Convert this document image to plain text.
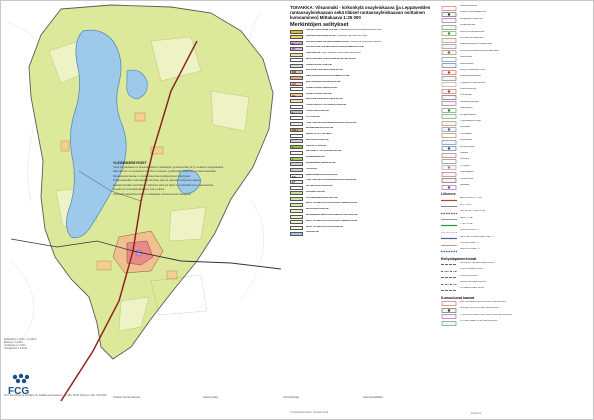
YLEISMÄÄRÄYKSET
Tämä osayleiskaava on oikeusvaikutteinen maankäyttö- ja rakennuslain 42 §:n mukainen osayleiskaava.
Rakentaminen on sijoitettava niin, että se sopeutuu ympäröivään maisemaan ja rakennuskantaan.
Rantarakentamisessa on noudatettava rakennusjärjestyksen määräyksiä.
Pohjavesialueilla ei saa harjoittaa toimintaa, joka voi vaarantaa pohjaveden laatua.
Muinaismuistolain rauhoittamien kohteiden tarkempi sijainti on selvitettävä ennen rakentamista.
Alueella on huomioitava liikenteen melu ja tärinä.
Vesihuollon järjestämisessä on noudatettava voimassa olevia määräyksiä.
Nähtävillä 1.1.2013 - 1.2.2013
Ehdotus 1.9.2013
Hyväksytty 1.1.2014
Voimaantulo 1.3.2014
FCG
FCG Suunnittelu ja tekniikka Oy, Pakkahuoneenaukio 2, PL 950, 33101 Tampere. Puh. 010 4090
TOIVAKKA: Vilsanmäki - kirkonkylä osayleiskaava (ja Leppävedden rantaosayleiskaavan sekä Iiläiset rantaosayleiskaavan osittainen kumoaminen) Mittakaava 1:25 000
Merkintöjen selitykset
ASUNTOVALTAISET ALUE. Pääasiallisesti asuinrakentamisen alue.
LÄHIPALVELUJEN ALUE. Palvelujen ja hallinnon alue.
P
PALVELUJEN JA HALLINNON ALUE. Julkiset ja yksityiset palvelut.
PY
JULKISTEN PALVELUJEN JA HALLINNON ALUE.
ASUINALUE. Alue varataan asuinrakentamiseen.
MAATILOJEN TALOUSKESKUSTEN ALUE.
LOMA-ASUNTOALUE.
RM
MATKAILUPALVELUJEN ALUE.
ERILLISPIENTALOVALTAINEN ALUE.
AO
ERILLISPIENTALOJEN ALUE.
LOMA-ASUNTOJEN ALUE.
RA
LOMA-ASUNTOALUE.
MATKAILUPALVELUJEN ALUE.
TEOLLISUUS- JA VARASTOALUE.
T
TEOLLISUUSALUE.
KYLÄALUE.
YHDYSKUNTATEKNISEN HUOLLON ALUE.
SM-1
MUINAISMUISTOALUE.
EHDOTETUT ALUEET.
MAATALOUSALUE.
V
VIRKISTYSALUE.
RETKEILY- JA ULKOILUALUE.
L
LIIKENNEALUE.
LIIKENNEALUEEN ALUE.
TIEALUE.
EN
ENERGIAHUOLLON ALUE.
ET
YHDYSKUNTATEKNISEN HUOLLON ALUE.
JÄTEHUOLLON ALUE.
SUOJELUALUE.
LUONNONSUOJELUALUE.
MAA- JA METSÄTALOUSVALTAINEN ALUE.
MAATALOUSALUE.
MAISEMALLISESTI ARVOKAS PELTOALUE.
MAA- JA METSÄTALOUSVALTAINEN ALUE.
MAA- JA METSÄTALOUSALUE.
VESIALUE.
Kaavamerkintä
Kiinteä muinaisjäännös
Suojeltava rakennus
Suojelukohde
Luonnonsuojelukohde
Arvokas luontokohde
Maisemallisesti arvokas alue
Kulttuurihistoriallisesti arvokas alue
Ulkoilureitti
Melontareitti
Kevyen liikenteen reitti
Moottorikelkkareitti
Ohjeellinen ulkoilureitti
Vesihuoltolinja
Voimalinja
Kaukolämpölinja
Kaasuputki
Pohjavesialue
Tulvanalainen alue
Melualue
Tärinäalue
Kaivosalue
Ampumarata
Valtatie
Seututie
Yhdystie
Kokoojakatu
Tärkeä katu
Rautatie
Liikenne
ERITASOLIITTYMÄ
LIITTYMÄ
VALTATIE / KANTATIE
SEUTUTIE
YHDYSTIE
KOKOOJAKATU
KEVYEN LIIKENTEEN REITTI
ULKOILUREITTI
MELONTAREITTI
Esitystapamerkinnät
SUUNNITTELUALUEEN RAJA
OSA-ALUEEN RAJA
KUNNAN RAJA
KAAVA-ALUEEN RAJA
OHJEELLINEN RAJA
Kumoutuvat kaavat
LEPPÄVEDEN RANTAOSAYLEISKAAVA
IILÄISET RANTAOSAYLEISKAAVA
TOIVAKAN KIRKONKYLÄN OSAYLEISKAAVA
KYLÄALUEEN OSAYLEISKAAVA
Toivakan kunnanvaltuusto	Kaavan laatija	Toimitusjohtaja	Kaavoituspäällikkö
© Maanmittauslaitos, Toivakka 2013	Kartta 1/1
